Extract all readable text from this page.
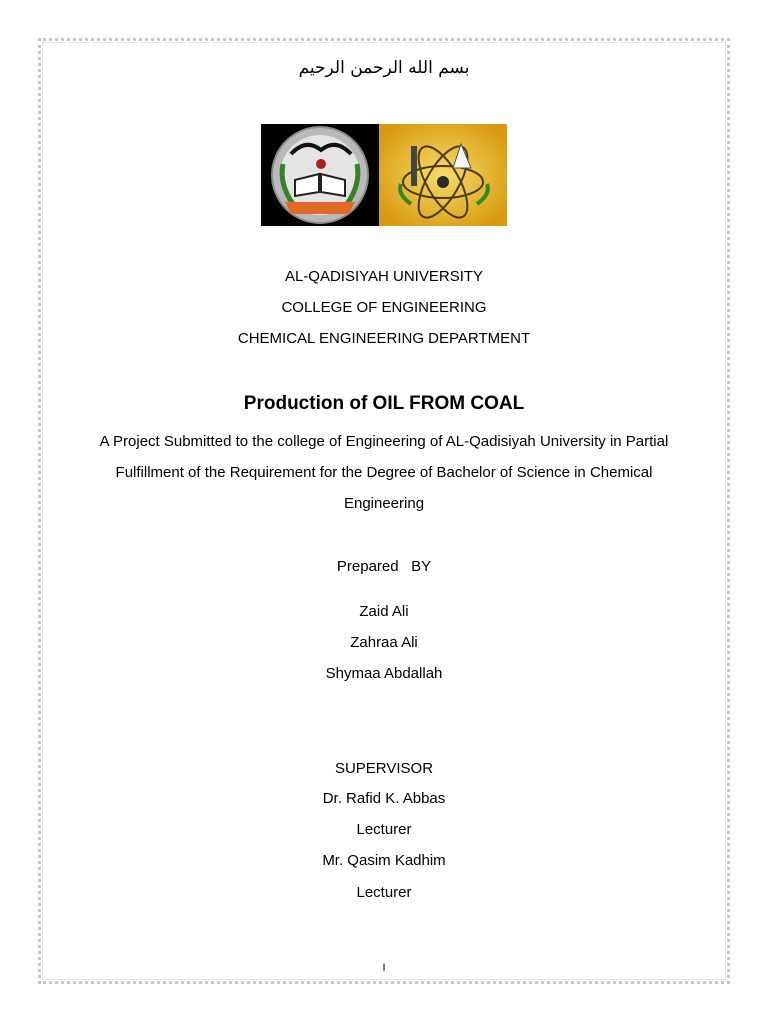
بسم الله الرحمن الرحيم
AL-QADISIYAH UNIVERSITY
COLLEGE OF ENGINEERING
CHEMICAL ENGINEERING DEPARTMENT
Production of OIL FROM COAL
A Project Submitted to the college of Engineering of AL-Qadisiyah University in Partial
Fulfillment of the Requirement for the Degree of Bachelor of Science in Chemical
Engineering
Prepared   BY
Zaid Ali
Zahraa Ali
Shymaa Abdallah
SUPERVISOR
Dr. Rafid K. Abbas
Lecturer
Mr. Qasim Kadhim
Lecturer
I
